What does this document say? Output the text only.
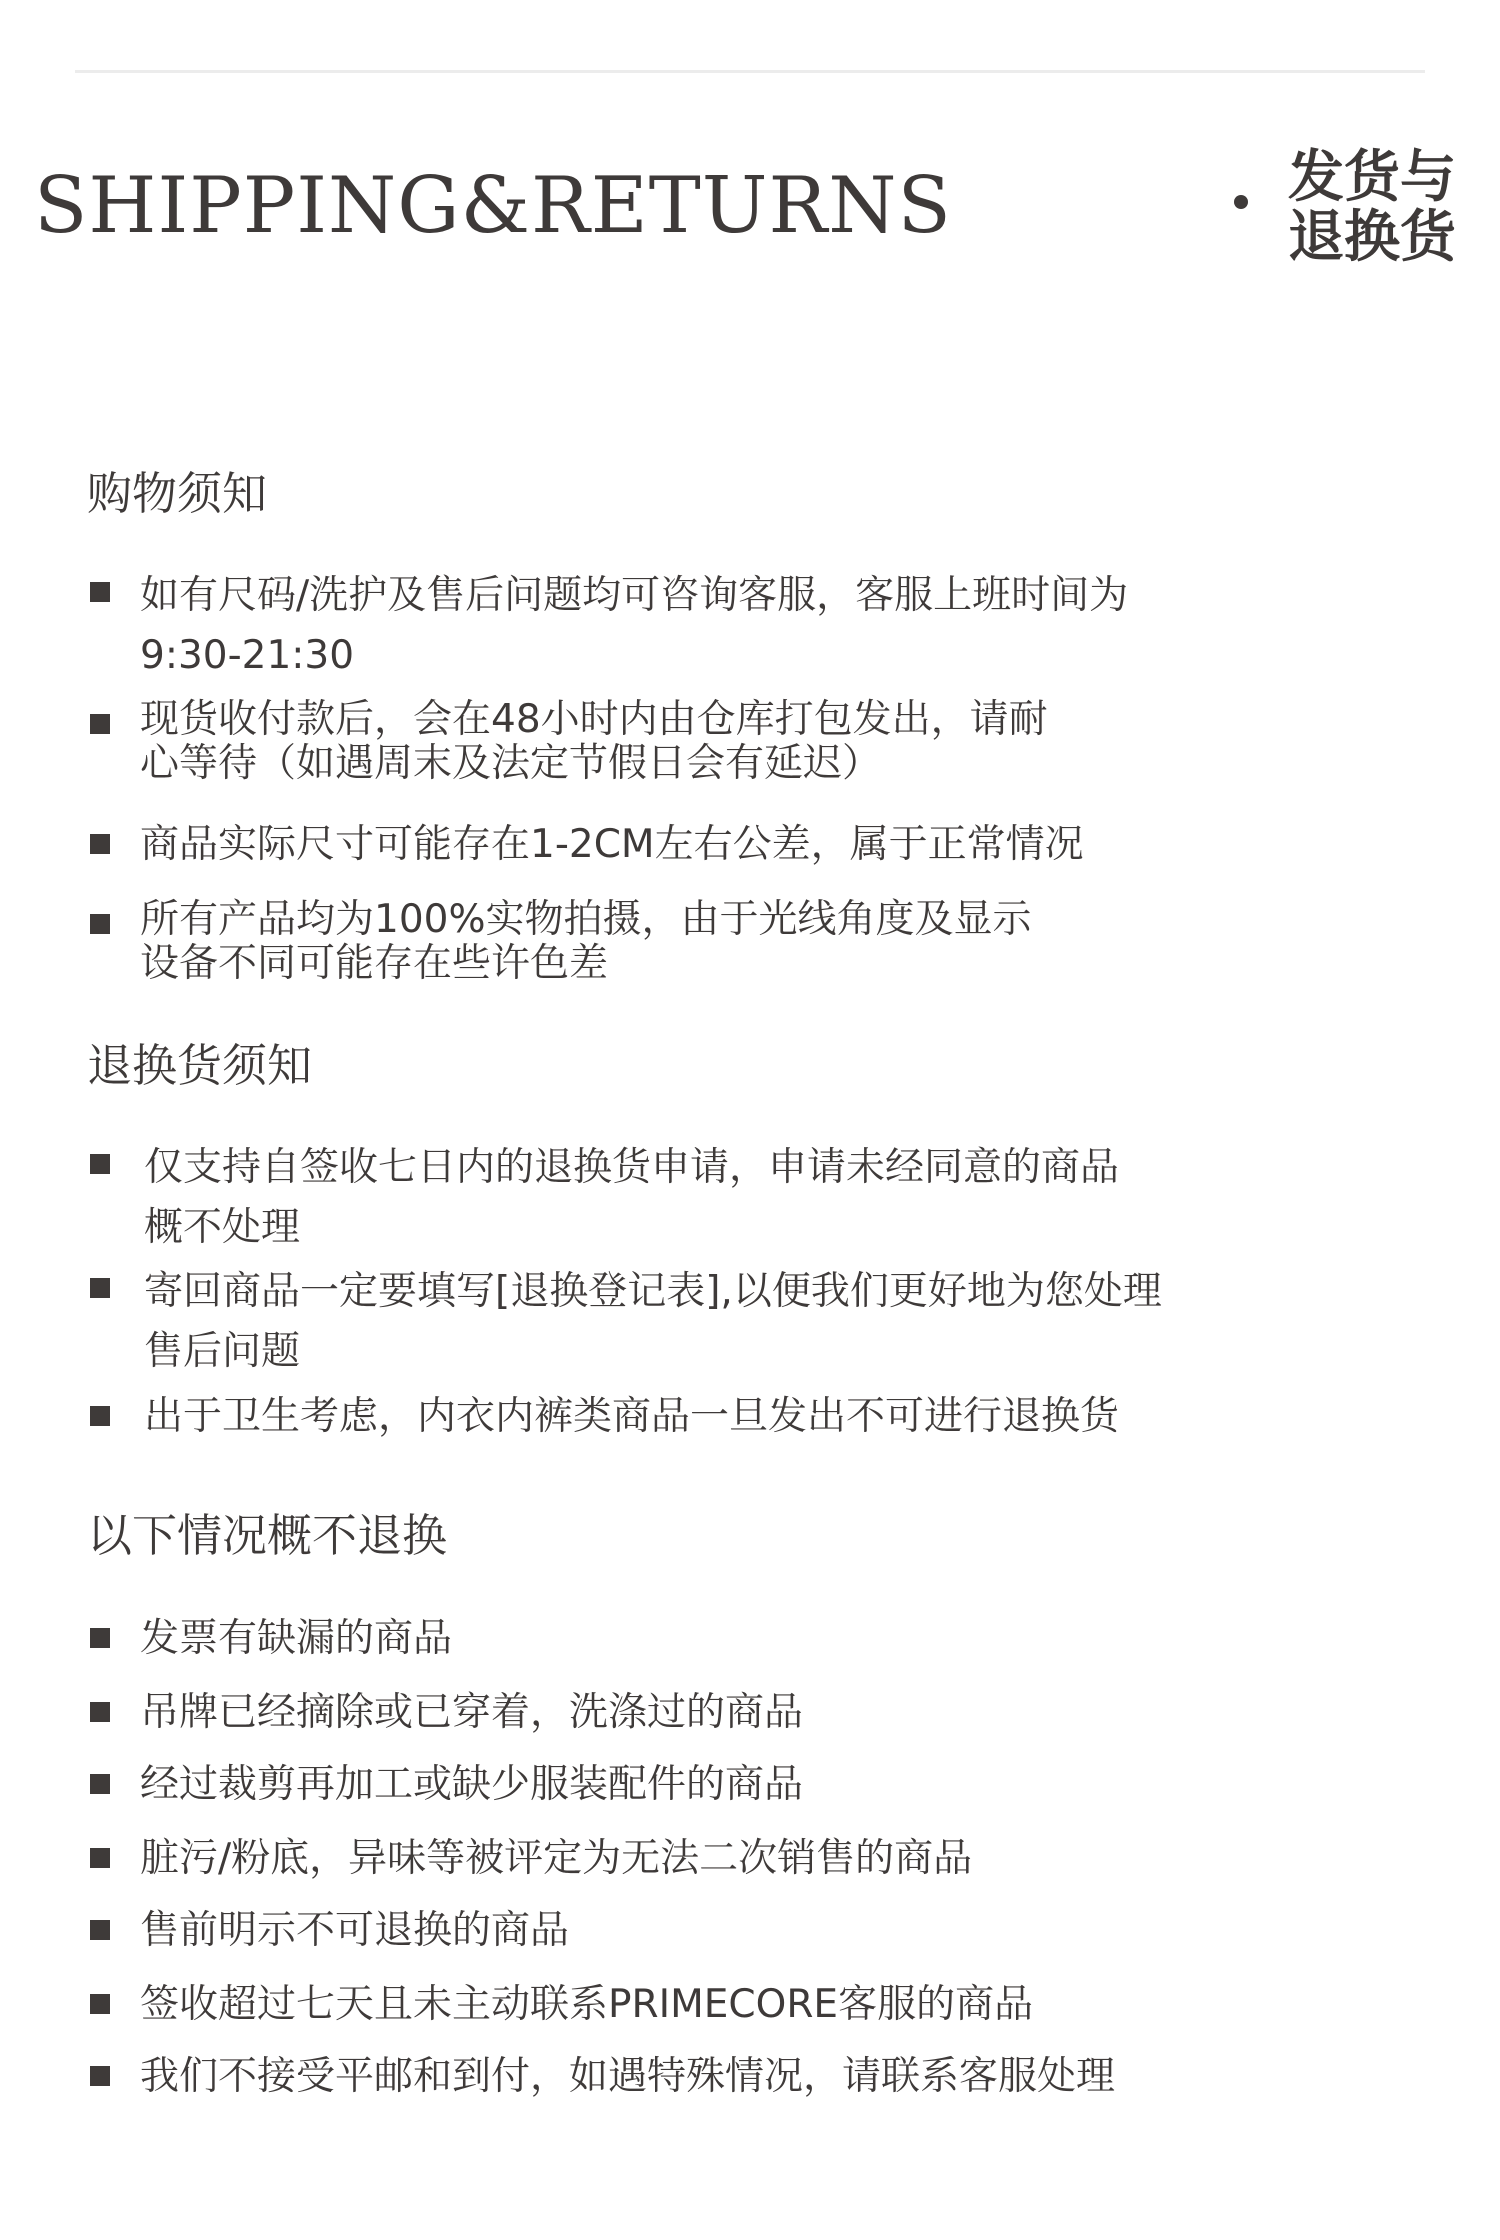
SHIPPING&RETURNS	发货与
退换货
购物须知
如有尺码/洗护及售后问题均可咨询客服，客服上班时间为
9:30-21:30
现货收付款后，会在48小时内由仓库打包发出，请耐
心等待（如遇周末及法定节假日会有延迟）
商品实际尺寸可能存在1-2CM左右公差，属于正常情况
所有产品均为100%实物拍摄，由于光线角度及显示
设备不同可能存在些许色差
退换货须知
仅支持自签收七日内的退换货申请，申请未经同意的商品
概不处理
寄回商品一定要填写[退换登记表],以便我们更好地为您处理
售后问题
出于卫生考虑，内衣内裤类商品一旦发出不可进行退换货
以下情况概不退换
发票有缺漏的商品
吊牌已经摘除或已穿着，洗涤过的商品
经过裁剪再加工或缺少服装配件的商品
脏污/粉底，异味等被评定为无法二次销售的商品
售前明示不可退换的商品
签收超过七天且未主动联系PRIMECORE客服的商品
我们不接受平邮和到付，如遇特殊情况，请联系客服处理
